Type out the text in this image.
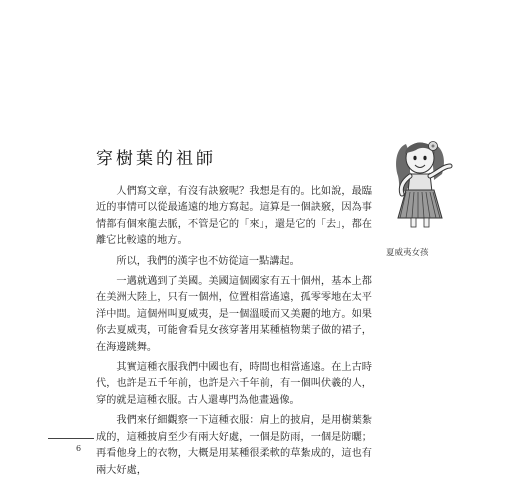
穿樹葉的祖師
夏威夷女孩

人們寫文章，有沒有訣竅呢？我想是有的。比如說，最臨近的事情可以從最遙遠的地方寫起。這算是一個訣竅，因為事情都有個來龍去脈，不管是它的「來」，還是它的「去」，都在離它比較遠的地方。

所以，我們的漢字也不妨從這一點講起。

一邁就邁到了美國。美國這個國家有五十個州，基本上都在美洲大陸上，只有一個州，位置相當遙遠，孤零零地在太平洋中間。這個州叫夏威夷，是一個溫暖而又美麗的地方。如果你去夏威夷，可能會看見女孩穿著用某種植物葉子做的裙子，在海邊跳舞。

其實這種衣服我們中國也有，時間也相當遙遠。在上古時代，也許是五千年前，也許是六千年前，有一個叫伏羲的人，穿的就是這種衣服。古人還專門為他畫過像。

我們來仔細觀察一下這種衣服：肩上的披肩，是用樹葉紮成的，這種披肩至少有兩大好處，一個是防雨，一個是防曬；再看他身上的衣物，大概是用某種很柔軟的草紮成的，這也有兩大好處，

6
